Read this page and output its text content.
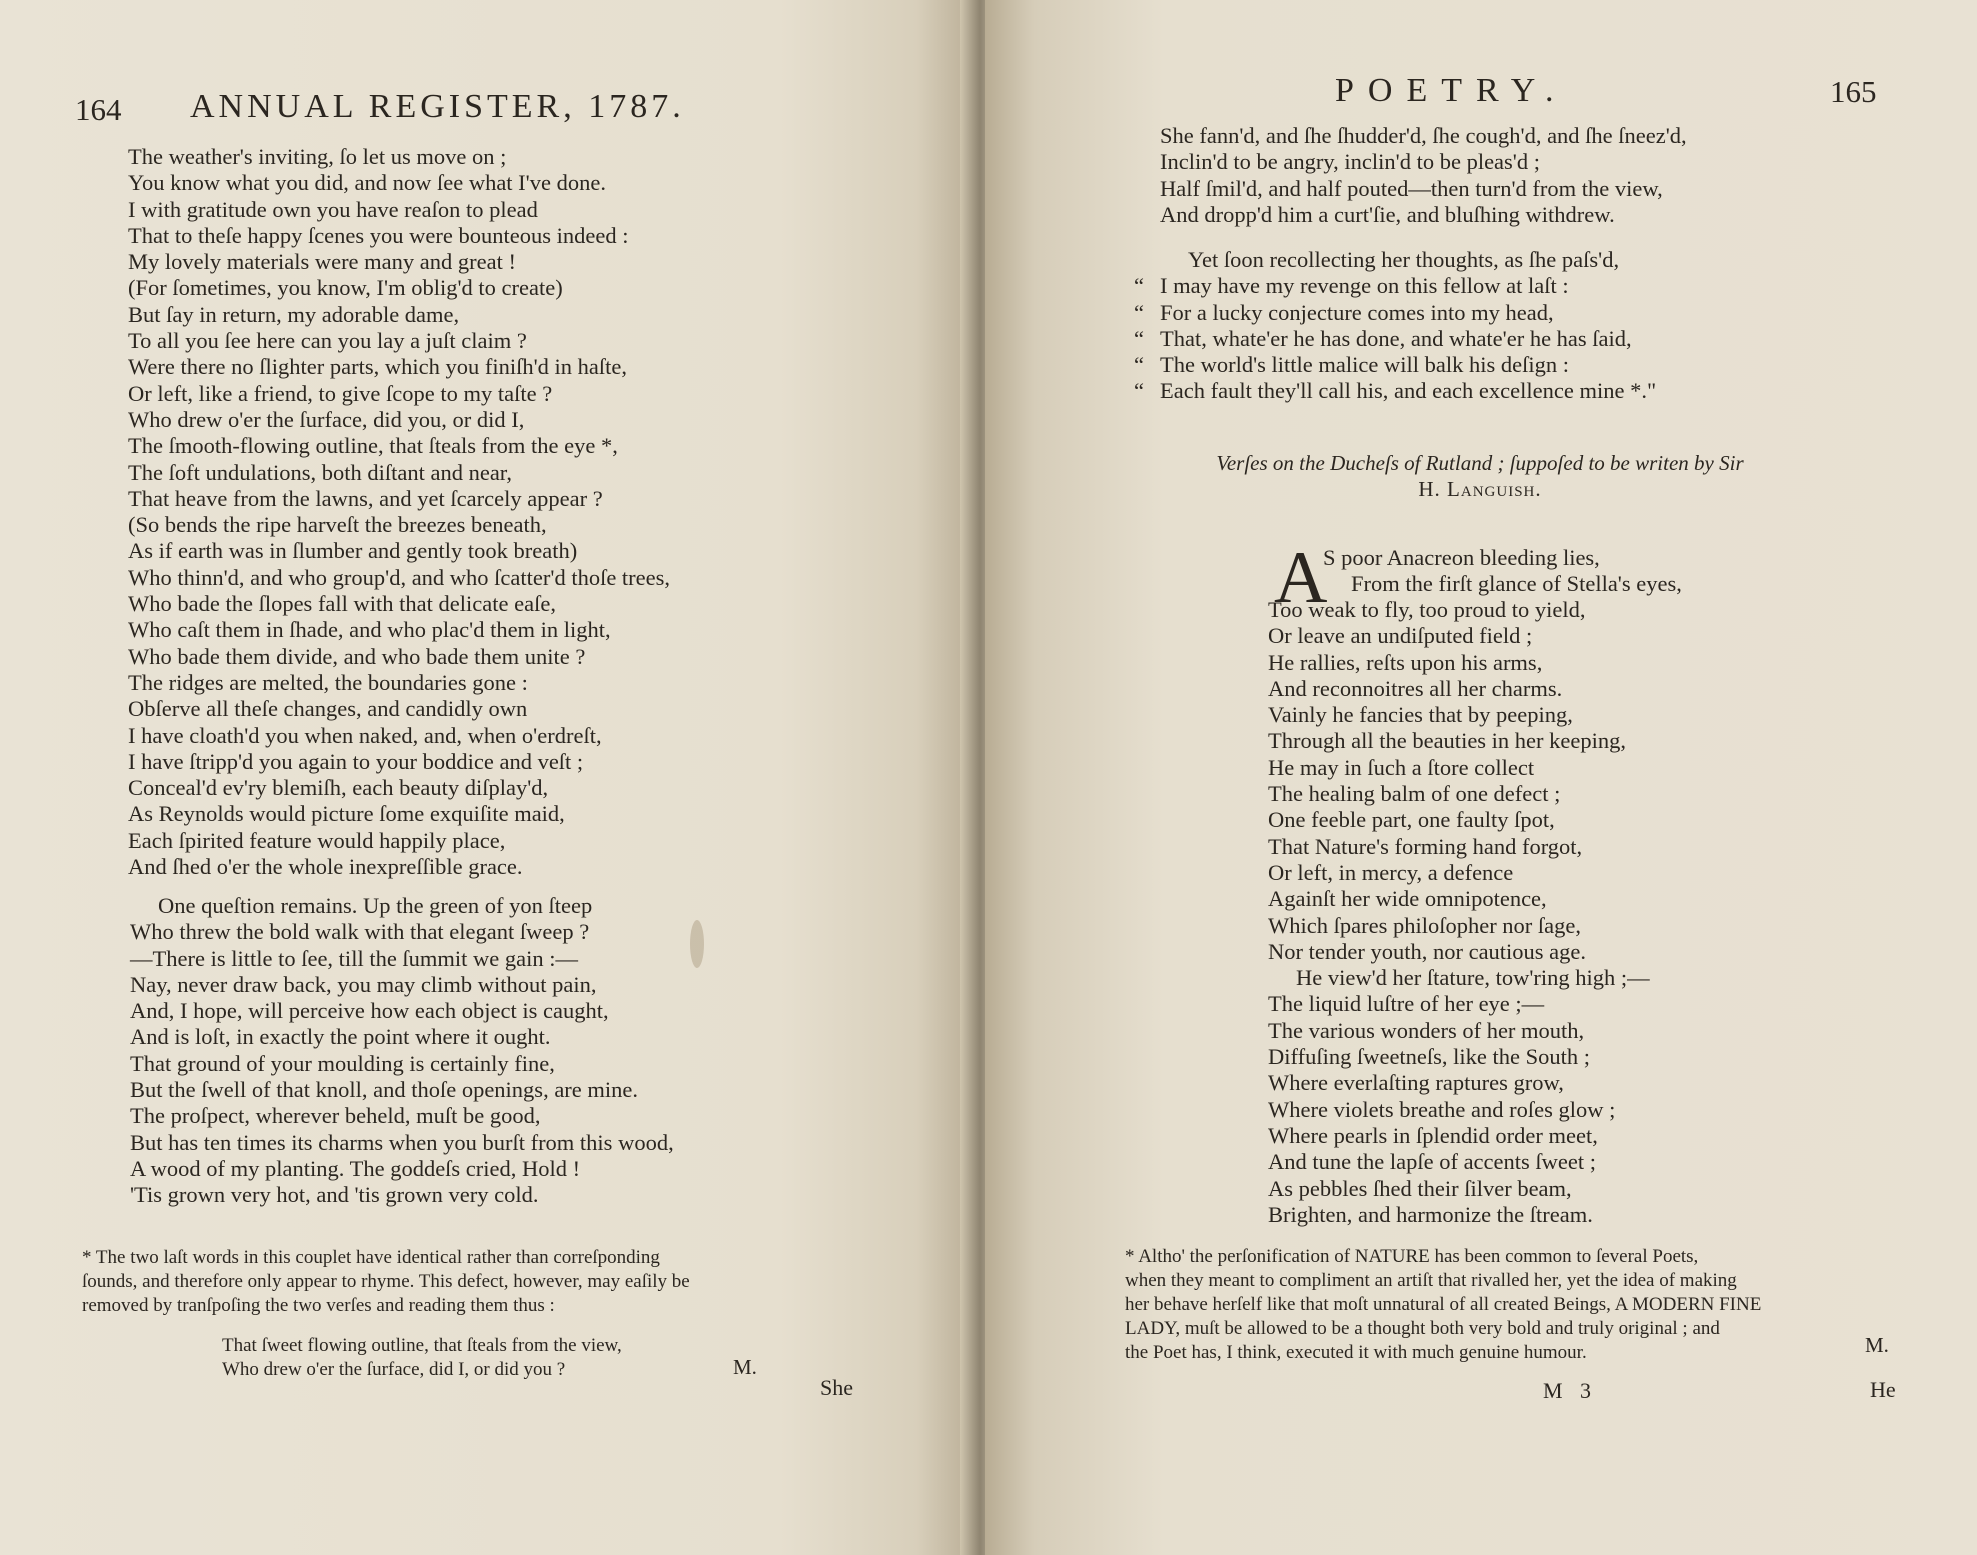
164 ANNUAL REGISTER, 1787.
The weather's inviting, ſo let us move on ;
You know what you did, and now ſee what I've done.
I with gratitude own you have reaſon to plead
That to theſe happy ſcenes you were bounteous indeed :
My lovely materials were many and great !
(For ſometimes, you know, I'm oblig'd to create)
But ſay in return, my adorable dame,
To all you ſee here can you lay a juſt claim ?
Were there no ſlighter parts, which you finiſh'd in haſte,
Or left, like a friend, to give ſcope to my taſte ?
Who drew o'er the ſurface, did you, or did I,
The ſmooth-flowing outline, that ſteals from the eye *,
The ſoft undulations, both diſtant and near,
That heave from the lawns, and yet ſcarcely appear ?
(So bends the ripe harveſt the breezes beneath,
As if earth was in ſlumber and gently took breath)
Who thinn'd, and who group'd, and who ſcatter'd thoſe trees,
Who bade the ſlopes fall with that delicate eaſe,
Who caſt them in ſhade, and who plac'd them in light,
Who bade them divide, and who bade them unite ?
The ridges are melted, the boundaries gone :
Obſerve all theſe changes, and candidly own
I have cloath'd you when naked, and, when o'erdreſt,
I have ſtripp'd you again to your boddice and veſt ;
Conceal'd ev'ry blemiſh, each beauty diſplay'd,
As Reynolds would picture ſome exquiſite maid,
Each ſpirited feature would happily place,
And ſhed o'er the whole inexpreſſible grace.
One queſtion remains. Up the green of yon ſteep
Who threw the bold walk with that elegant ſweep ?
—There is little to ſee, till the ſummit we gain :—
Nay, never draw back, you may climb without pain,
And, I hope, will perceive how each object is caught,
And is loſt, in exactly the point where it ought.
That ground of your moulding is certainly fine,
But the ſwell of that knoll, and thoſe openings, are mine.
The proſpect, wherever beheld, muſt be good,
But has ten times its charms when you burſt from this wood,
A wood of my planting. The goddeſs cried, Hold !
'Tis grown very hot, and 'tis grown very cold.
* The two laſt words in this couplet have identical rather than correſponding
ſounds, and therefore only appear to rhyme. This defect, however, may eaſily be
removed by tranſpoſing the two verſes and reading them thus :
That ſweet flowing outline, that ſteals from the view,
Who drew o'er the ſurface, did I, or did you ?	M.
She
POETRY.	165
She fann'd, and ſhe ſhudder'd, ſhe cough'd, and ſhe ſneez'd,
Inclin'd to be angry, inclin'd to be pleas'd ;
Half ſmil'd, and half pouted—then turn'd from the view,
And dropp'd him a curt'ſie, and bluſhing withdrew.
Yet ſoon recollecting her thoughts, as ſhe paſs'd,
“ I may have my revenge on this fellow at laſt :
“ For a lucky conjecture comes into my head,
“ That, whate'er he has done, and whate'er he has ſaid,
“ The world's little malice will balk his deſign :
“ Each fault they'll call his, and each excellence mine *."
Verſes on the Ducheſs of Rutland ; ſuppoſed to be writen by Sir
H. Languish.
A
S poor Anacreon bleeding lies,
From the firſt glance of Stella's eyes,
Too weak to fly, too proud to yield,
Or leave an undiſputed field ;
He rallies, reſts upon his arms,
And reconnoitres all her charms.
Vainly he fancies that by peeping,
Through all the beauties in her keeping,
He may in ſuch a ſtore collect
The healing balm of one defect ;
One feeble part, one faulty ſpot,
That Nature's forming hand forgot,
Or left, in mercy, a defence
Againſt her wide omnipotence,
Which ſpares philoſopher nor ſage,
Nor tender youth, nor cautious age.
He view'd her ſtature, tow'ring high ;—
The liquid luſtre of her eye ;—
The various wonders of her mouth,
Diffuſing ſweetneſs, like the South ;
Where everlaſting raptures grow,
Where violets breathe and roſes glow ;
Where pearls in ſplendid order meet,
And tune the lapſe of accents ſweet ;
As pebbles ſhed their ſilver beam,
Brighten, and harmonize the ſtream.
* Altho' the perſonification of NATURE has been common to ſeveral Poets,
when they meant to compliment an artiſt that rivalled her, yet the idea of making
her behave herſelf like that moſt unnatural of all created Beings, A MODERN FINE
LADY, muſt be allowed to be a thought both very bold and truly original ; and
the Poet has, I think, executed it with much genuine humour.	M.
M 3	He
